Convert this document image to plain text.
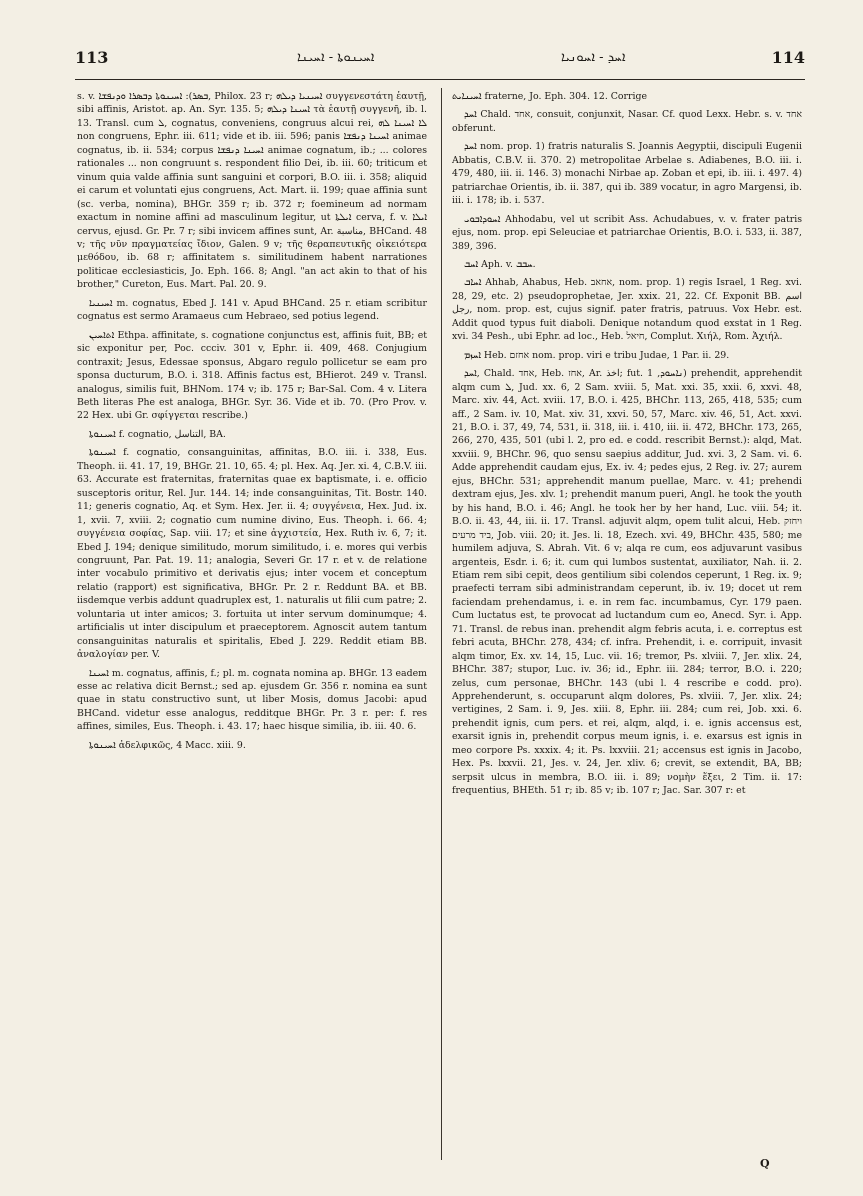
113	ܐܚܝܢܘܬܐ - ܐܚܝܢܐ	ܐܚܕ - ܐܚܘܢܝܐ	114

s. v. ܒܣܪ): ܐܚܝܢܘܬܐ ܕܒܣܪܐ ܘܕܢܦܫܐ, Philox. 23 r; ܐܚܝܢܝܐ ܕܝܠܗ συγγενεστάτη ἑαυτῇ, sibi affinis, Aristot. ap. An. Syr. 135. 5; ܐܚܝܢܐ ܕܝܠܗ τὰ ἑαυτῇ συγγενῆ, ib. l. 13. Transl. cum ܠ, cognatus, conveniens, congruus alcui rei, ܠܐ ܐܚܝܢܐ ܠܗ non congruens, Ephr. iii. 611; vide et ib. iii. 596; panis ܐܚܝܢܐ ܕܢܦܫܐ animae cognatus, ib. ii. 534; corpus ܐܚܝܢܐ ܕܢܦܫܐ animae cognatum, ib.; ... colores rationales ... non congruunt s. respondent filio Dei, ib. iii. 60; triticum et vinum quia valde affinia sunt sanguini et corpori, B.O. iii. i. 358; aliquid ei carum et voluntati ejus congruens, Act. Mart. ii. 199; quae affinia sunt (sc. verba, nomina), BHGr. 359 r; ib. 372 r; foemineum ad normam exactum in nomine affini ad masculinum legitur, ut ܐܝܠܬܐ cerva, f. v. ܐܝܠܐ cervus, ejusd. Gr. Pr. 7 r; sibi invicem affines sunt, Ar. مناسبة, BHCand. 48 v; τῆς νῦν πραγματείας ἴδιον, Galen. 9 v; τῆς θεραπευτικῆς οἰκειότερα μεθόδου, ib. 68 r; affinitatem s. similitudinem habent narrationes politicae ecclesiasticis, Jo. Eph. 166. 8; Angl. "an act akin to that of his brother," Cureton, Eus. Mart. Pal. 20. 9.

ܐܚܝܢܝܐ m. cognatus, Ebed J. 141 v. Apud BHCand. 25 r. etiam scribitur cognatus est sermo Aramaeus cum Hebraeo, sed potius legend.

ܐܬܐܚܝܢ Ethpa. affinitate, s. cognatione conjunctus est, affinis fuit, BB; et sic exponitur per, Poc. ccciv. 301 v, Ephr. ii. 409, 468. Conjugium contraxit; Jesus, Edessae sponsus, Abgaro regulo pollicetur se eam pro sponsa ducturum, B.O. i. 318. Affinis factus est, BHierot. 249 v. Transl. analogus, similis fuit, BHNom. 174 v; ib. 175 r; Bar-Sal. Com. 4 v. Litera Beth literas Phe est analoga, BHGr. Syr. 36. Vide et ib. 70. (Pro Prov. v. 22 Hex. ubi Gr. σφίγγεται rescribe.)

ܐܚܝܢܘܬܐ f. cognatio, التناسل, BA.

ܐܚܝܢܘܬܐ f. cognatio, consanguinitas, affinitas, B.O. iii. i. 338, Eus. Theoph. ii. 41. 17, 19, BHGr. 21. 10, 65. 4; pl. Hex. Aq. Jer. xi. 4, C.B.V. iii. 63. Accurate est fraternitas, fraternitas quae ex baptismate, i. e. officio susceptoris oritur, Rel. Jur. 144. 14; inde consanguinitas, Tit. Bostr. 140. 11; generis cognatio, Aq. et Sym. Hex. Jer. ii. 4; συγγένεια, Hex. Jud. ix. 1, xvii. 7, xviii. 2; cognatio cum numine divino, Eus. Theoph. i. 66. 4; συγγένεια σοφίας, Sap. viii. 17; et sine ἀγχιστεία, Hex. Ruth iv. 6, 7; it. Ebed J. 194; denique similitudo, morum similitudo, i. e. mores qui verbis congruunt, Par. Pat. 19. 11; analogia, Severi Gr. 17 r. et v. de relatione inter vocabulo primitivo et derivatis ejus; inter vocem et conceptum relatio (rapport) est significativa, BHGr. Pr. 2 r. Reddunt BA. et BB. iisdemque verbis addunt quadruplex est, 1. naturalis ut filii cum patre; 2. voluntaria ut inter amicos; 3. fortuita ut inter servum dominumque; 4. artificialis ut inter discipulum et praeceptorem. Agnoscit autem tantum consanguinitas naturalis et spiritalis, Ebed J. 229. Reddit etiam BB. ἀναλογίαν per. V.

ܐܚܝܢܐ m. cognatus, affinis, f.; pl. m. cognata nomina ap. BHGr. 13 eadem esse ac relativa dicit Bernst.; sed ap. ejusdem Gr. 356 r. nomina ea sunt quae in statu constructivo sunt, ut liber Mosis, domus Jacobi: apud BHCand. videtur esse analogus, redditque BHGr. Pr. 3 r. per: f. res affines, similes, Eus. Theoph. i. 43. 17; haec hisque similia, ib. iii. 40. 6.

ܐܚܝܢܘܬܐ ἀδελφικῶς, 4 Macc. xiii. 9.

ܐܚܝܢܐܝܬ fraterne, Jo. Eph. 304. 12. Corrige

ܐܚܕ Chald. אחד, consuit, conjunxit, Nasar. Cf. quod Lexx. Hebr. s. v. אחד obferunt.

ܐܚܕ nom. prop. 1) fratris naturalis S. Joannis Aegyptii, discipuli Eugenii Abbatis, C.B.V. ii. 370. 2) metropolitae Arbelae s. Adiabenes, B.O. iii. i. 479, 480, iii. ii. 146. 3) monachi Nirbae ap. Zoban et epi, ib. iii. i. 497. 4) patriarchae Orientis, ib. ii. 387, qui ib. 389 vocatur, in agro Margensi, ib. iii. i. 178; ib. i. 537.

ܐܚܘܕܐܒܘܝ Ahhodabu, vel ut scribit Ass. Achudabues, v. v. frater patris ejus, nom. prop. epi Seleuciae et patriarchae Orientis, B.O. i. 533, ii. 387, 389, 396.

ܐܚܒ Aph. v. ܚܒܒ.

ܐܚܐܒ Ahhab, Ahabus, Heb. אחאב, nom. prop. 1) regis Israel, 1 Reg. xvi. 28, 29, etc. 2) pseudoprophetae, Jer. xxix. 21, 22. Cf. Exponit BB. اسم رجل, nom. prop. est, cujus signif. pater fratris, patruus. Vox Hebr. est. Addit quod typus fuit diaboli. Denique notandum quod exstat in 1 Reg. xvi. 34 Pesh., ubi Ephr. ad loc., Heb. חיאל, Complut. Χιήλ, Rom. Ἀχιήλ.

ܐܚܙܡ Heb. אחזם nom. prop. viri e tribu Judae, 1 Par. ii. 29.

ܐܚܕ, Chald. אחד, Heb. אחז, Ar. اخذ; fut. ܢܐܚܘܕ, 1) prehendit, apprehendit alqm cum ܠ, Jud. xx. 6, 2 Sam. xviii. 5, Mat. xxi. 35, xxii. 6, xxvi. 48, Marc. xiv. 44, Act. xviii. 17, B.O. i. 425, BHChr. 113, 265, 418, 535; cum aff., 2 Sam. iv. 10, Mat. xiv. 31, xxvi. 50, 57, Marc. xiv. 46, 51, Act. xxvi. 21, B.O. i. 37, 49, 74, 531, ii. 318, iii. i. 410, iii. ii. 472, BHChr. 173, 265, 266, 270, 435, 501 (ubi l. 2, pro ed. e codd. rescribit Bernst.): alqd, Mat. xxviii. 9, BHChr. 96, quo sensu saepius additur, Jud. xvi. 3, 2 Sam. vi. 6. Adde apprehendit caudam ejus, Ex. iv. 4; pedes ejus, 2 Reg. iv. 27; aurem ejus, BHChr. 531; apprehendit manum puellae, Marc. v. 41; prehendi dextram ejus, Jes. xlv. 1; prehendit manum pueri, Angl. he took the youth by his hand, B.O. i. 46; Angl. he took her by her hand, Luc. viii. 54; it. B.O. ii. 43, 44, iii. ii. 17. Transl. adjuvit alqm, opem tulit alcui, Heb. ויחזק ביד מרעים, Job. viii. 20; it. Jes. li. 18, Ezech. xvi. 49, BHChr. 435, 580; me humilem adjuva, S. Abrah. Vit. 6 v; alqa re cum, eos adjuvarunt vasibus argenteis, Esdr. i. 6; it. cum qui lumbos sustentat, auxiliator, Nah. ii. 2. Etiam rem sibi cepit, deos gentilium sibi colendos ceperunt, 1 Reg. ix. 9; praefecti terram sibi administrandam ceperunt, ib. iv. 19; docet ut rem faciendam prehendamus, i. e. in rem fac. incumbamus, Cyr. 179 paen. Cum luctatus est, te provocat ad luctandum cum eo, Anecd. Syr. i. App. 71. Transl. de rebus inan. prehendit algm febris acuta, i. e. correptus est febri acuta, BHChr. 278, 434; cf. infra. Prehendit, i. e. corripuit, invasit alqm timor, Ex. xv. 14, 15, Luc. vii. 16; tremor, Ps. xlviii. 7, Jer. xlix. 24, BHChr. 387; stupor, Luc. iv. 36; id., Ephr. iii. 284; terror, B.O. i. 220; zelus, cum personae, BHChr. 143 (ubi l. 4 rescribe e codd. pro). Apprehenderunt, s. occuparunt alqm dolores, Ps. xlviii. 7, Jer. xlix. 24; vertigines, 2 Sam. i. 9, Jes. xiii. 8, Ephr. iii. 284; cum rei, Job. xxi. 6. prehendit ignis, cum pers. et rei, alqm, alqd, i. e. ignis accensus est, exarsit ignis in, prehendit corpus meum ignis, i. e. exarsus est ignis in meo corpore Ps. xxxix. 4; it. Ps. lxxviii. 21; accensus est ignis in Jacobo, Hex. Ps. lxxvii. 21, Jes. v. 24, Jer. xliv. 6; crevit, se extendit, BA, BB; serpsit ulcus in membra, B.O. iii. i. 89; νομὴν ἕξει, 2 Tim. ii. 17: frequentius, BHEth. 51 r; ib. 85 v; ib. 107 r; Jac. Sar. 307 r: et

Q
